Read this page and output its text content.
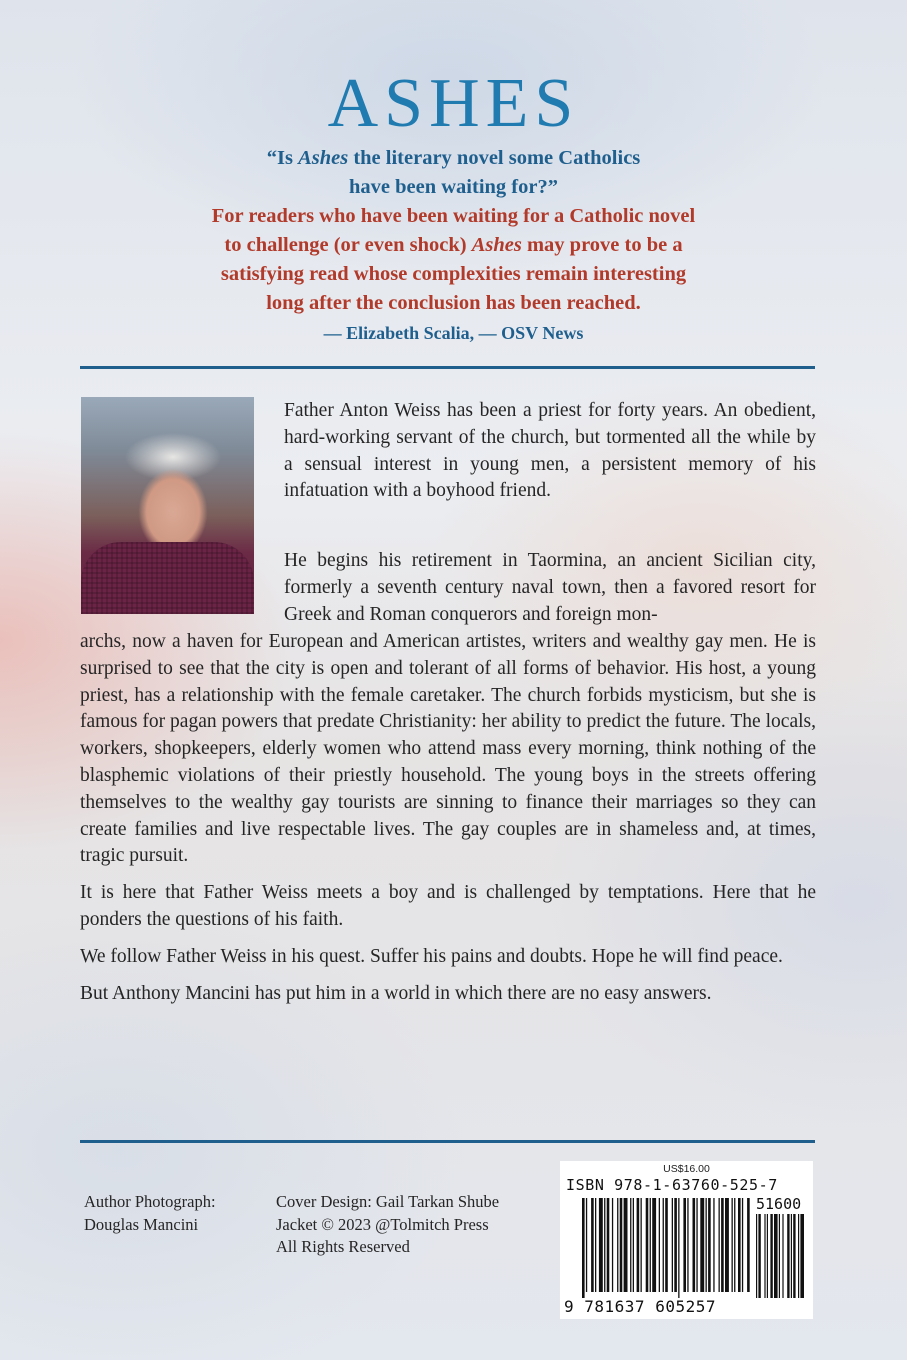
ASHES
“Is Ashes the literary novel some Catholics
have been waiting for?”
For readers who have been waiting for a Catholic novel
to challenge (or even shock) Ashes may prove to be a
satisfying read whose complexities remain interesting
long after the conclusion has been reached.
— Elizabeth Scalia, — OSV News

Father Anton Weiss has been a priest for forty years. An obedient, hard-working servant of the church, but tormented all the while by a sensual interest in young men, a persistent memory of his infatuation with a boyhood friend.

He begins his retirement in Taormina, an ancient Sicilian city, formerly a seventh century naval town, then a favored resort for Greek and Roman conquerors and foreign mon-

archs, now a haven for European and American artistes, writers and wealthy gay men. He is surprised to see that the city is open and tolerant of all forms of behavior. His host, a young priest, has a relationship with the female caretaker. The church forbids mysticism, but she is famous for pagan powers that predate Christianity: her ability to predict the future. The locals, workers, shopkeepers, elderly women who attend mass every morning, think nothing of the blasphemic violations of their priestly household. The young boys in the streets offering themselves to the wealthy gay tourists are sinning to finance their marriages so they can create families and live respectable lives. The gay couples are in shameless and, at times, tragic pursuit.

It is here that Father Weiss meets a boy and is challenged by temptations. Here that he ponders the questions of his faith.

We follow Father Weiss in his quest. Suffer his pains and doubts. Hope he will find peace.

But Anthony Mancini has put him in a world in which there are no easy answers.

Author Photograph:
Douglas Mancini
Cover Design: Gail Tarkan Shube
Jacket © 2023 @Tolmitch Press
All Rights Reserved
US$16.00
ISBN 978-1-63760-525-7
51600
9 781637 605257
